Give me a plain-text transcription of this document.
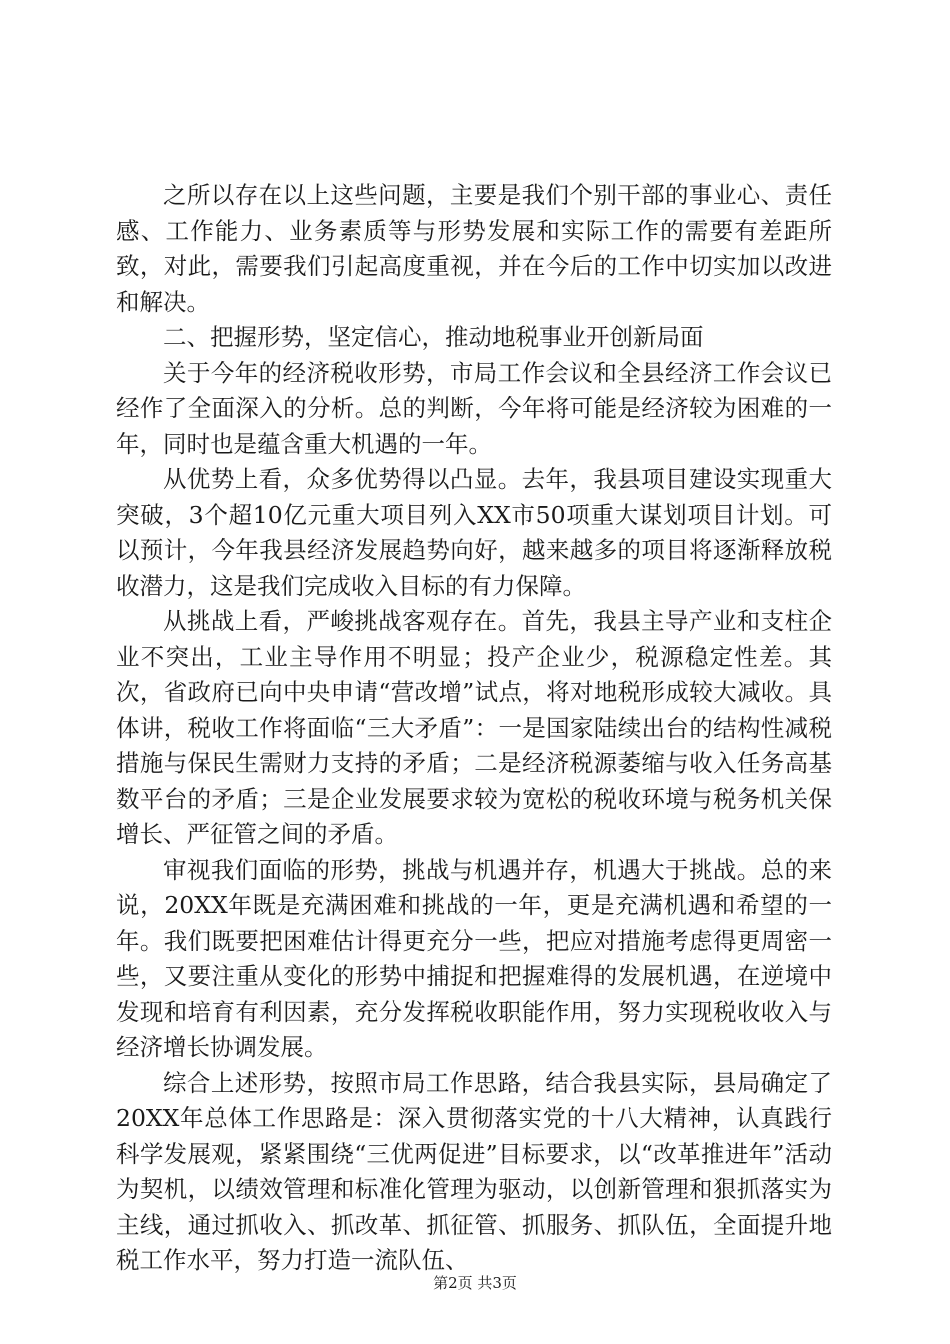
之所以存在以上这些问题，主要是我们个别干部的事业心、责任感、工作能力、业务素质等与形势发展和实际工作的需要有差距所致，对此，需要我们引起高度重视，并在今后的工作中切实加以改进和解决。

二、把握形势，坚定信心，推动地税事业开创新局面

关于今年的经济税收形势，市局工作会议和全县经济工作会议已经作了全面深入的分析。总的判断，今年将可能是经济较为困难的一年，同时也是蕴含重大机遇的一年。

从优势上看，众多优势得以凸显。去年，我县项目建设实现重大突破，3个超10亿元重大项目列入XX市50项重大谋划项目计划。可以预计，今年我县经济发展趋势向好，越来越多的项目将逐渐释放税收潜力，这是我们完成收入目标的有力保障。

从挑战上看，严峻挑战客观存在。首先，我县主导产业和支柱企业不突出，工业主导作用不明显；投产企业少，税源稳定性差。其次，省政府已向中央申请“营改增”试点，将对地税形成较大减收。具体讲，税收工作将面临“三大矛盾”：一是国家陆续出台的结构性减税措施与保民生需财力支持的矛盾；二是经济税源萎缩与收入任务高基数平台的矛盾；三是企业发展要求较为宽松的税收环境与税务机关保增长、严征管之间的矛盾。

审视我们面临的形势，挑战与机遇并存，机遇大于挑战。总的来说，20XX年既是充满困难和挑战的一年，更是充满机遇和希望的一年。我们既要把困难估计得更充分一些，把应对措施考虑得更周密一些，又要注重从变化的形势中捕捉和把握难得的发展机遇，在逆境中发现和培育有利因素，充分发挥税收职能作用，努力实现税收收入与经济增长协调发展。

综合上述形势，按照市局工作思路，结合我县实际，县局确定了20XX年总体工作思路是：深入贯彻落实党的十八大精神，认真践行科学发展观，紧紧围绕“三优两促进”目标要求，以“改革推进年”活动为契机，以绩效管理和标准化管理为驱动，以创新管理和狠抓落实为主线，通过抓收入、抓改革、抓征管、抓服务、抓队伍，全面提升地税工作水平，努力打造一流队伍、

第2页 共3页
